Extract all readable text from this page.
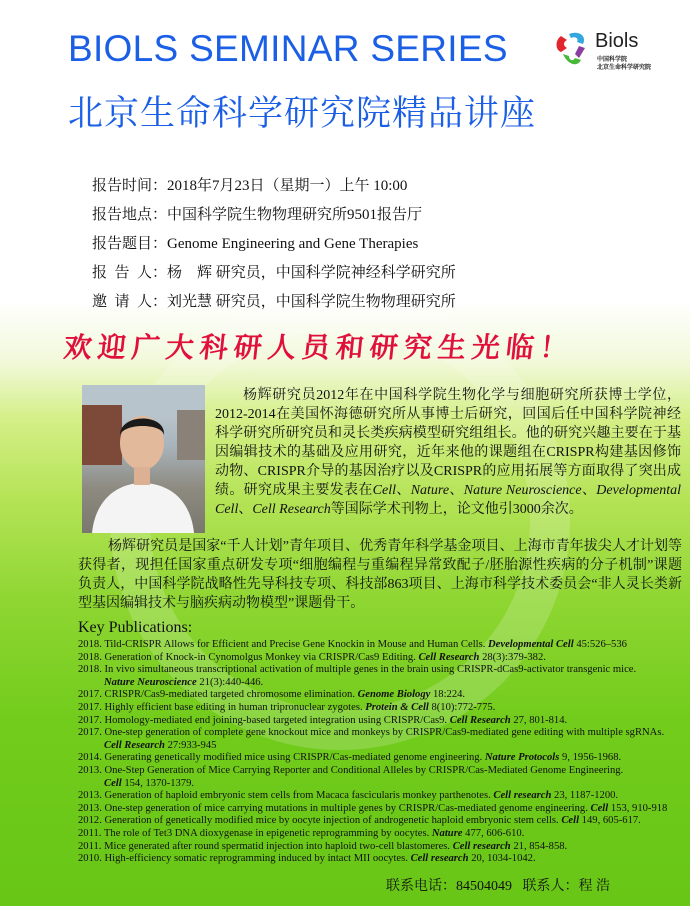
BIOLS SEMINAR SERIES
北京生命科学研究院精品讲座
Biols
中国科学院
北京生命科学研究院
报告时间：2018年7月23日（星期一）上午 10:00
报告地点：中国科学院生物物理研究所9501报告厅
报告题目：Genome Engineering and Gene Therapies
报  告  人：杨　辉 研究员，中国科学院神经科学研究所
邀  请  人：刘光慧 研究员，中国科学院生物物理研究所
欢迎广大科研人员和研究生光临！
杨辉研究员2012年在中国科学院生物化学与细胞研究所获博士学位，2012-2014在美国怀海德研究所从事博士后研究，回国后任中国科学院神经科学研究所研究员和灵长类疾病模型研究组组长。他的研究兴趣主要在于基因编辑技术的基础及应用研究，近年来他的课题组在CRISPR构建基因修饰动物、CRISPR介导的基因治疗以及CRISPR的应用拓展等方面取得了突出成绩。研究成果主要发表在Cell、Nature、Nature Neuroscience、Developmental Cell、Cell Research等国际学术刊物上，论文他引3000余次。
杨辉研究员是国家“千人计划”青年项目、优秀青年科学基金项目、上海市青年拔尖人才计划等获得者，现担任国家重点研发专项“细胞编程与重编程异常致配子/胚胎源性疾病的分子机制”课题负责人，中国科学院战略性先导科技专项、科技部863项目、上海市科学技术委员会“非人灵长类新型基因编辑技术与脑疾病动物模型”课题骨干。
Key Publications:
2018. Tild-CRISPR Allows for Efficient and Precise Gene Knockin in Mouse and Human Cells. Developmental Cell 45:526–536
2018. Generation of Knock-in Cynomolgus Monkey via CRISPR/Cas9 Editing. Cell Research 28(3):379-382.
2018. In vivo simultaneous transcriptional activation of multiple genes in the brain using CRISPR-dCas9-activator transgenic mice.
Nature Neuroscience 21(3):440-446.
2017. CRISPR/Cas9-mediated targeted chromosome elimination. Genome Biology 18:224.
2017. Highly efficient base editing in human tripronuclear zygotes. Protein & Cell 8(10):772-775.
2017. Homology-mediated end joining-based targeted integration using CRISPR/Cas9. Cell Research 27, 801-814.
2017. One-step generation of complete gene knockout mice and monkeys by CRISPR/Cas9-mediated gene editing with multiple sgRNAs.
Cell Research 27:933-945
2014. Generating genetically modified mice using CRISPR/Cas-mediated genome engineering. Nature Protocols 9, 1956-1968.
2013. One-Step Generation of Mice Carrying Reporter and Conditional Alleles by CRISPR/Cas-Mediated Genome Engineering.
Cell 154, 1370-1379.
2013. Generation of haploid embryonic stem cells from Macaca fascicularis monkey parthenotes. Cell research 23, 1187-1200.
2013. One-step generation of mice carrying mutations in multiple genes by CRISPR/Cas-mediated genome engineering. Cell 153, 910-918
2012. Generation of genetically modified mice by oocyte injection of androgenetic haploid embryonic stem cells. Cell 149, 605-617.
2011. The role of Tet3 DNA dioxygenase in epigenetic reprogramming by oocytes. Nature 477, 606-610.
2011. Mice generated after round spermatid injection into haploid two-cell blastomeres. Cell research 21, 854-858.
2010. High-efficiency somatic reprogramming induced by intact MII oocytes. Cell research 20, 1034-1042.
联系电话：84504049 联系人：程 浩
